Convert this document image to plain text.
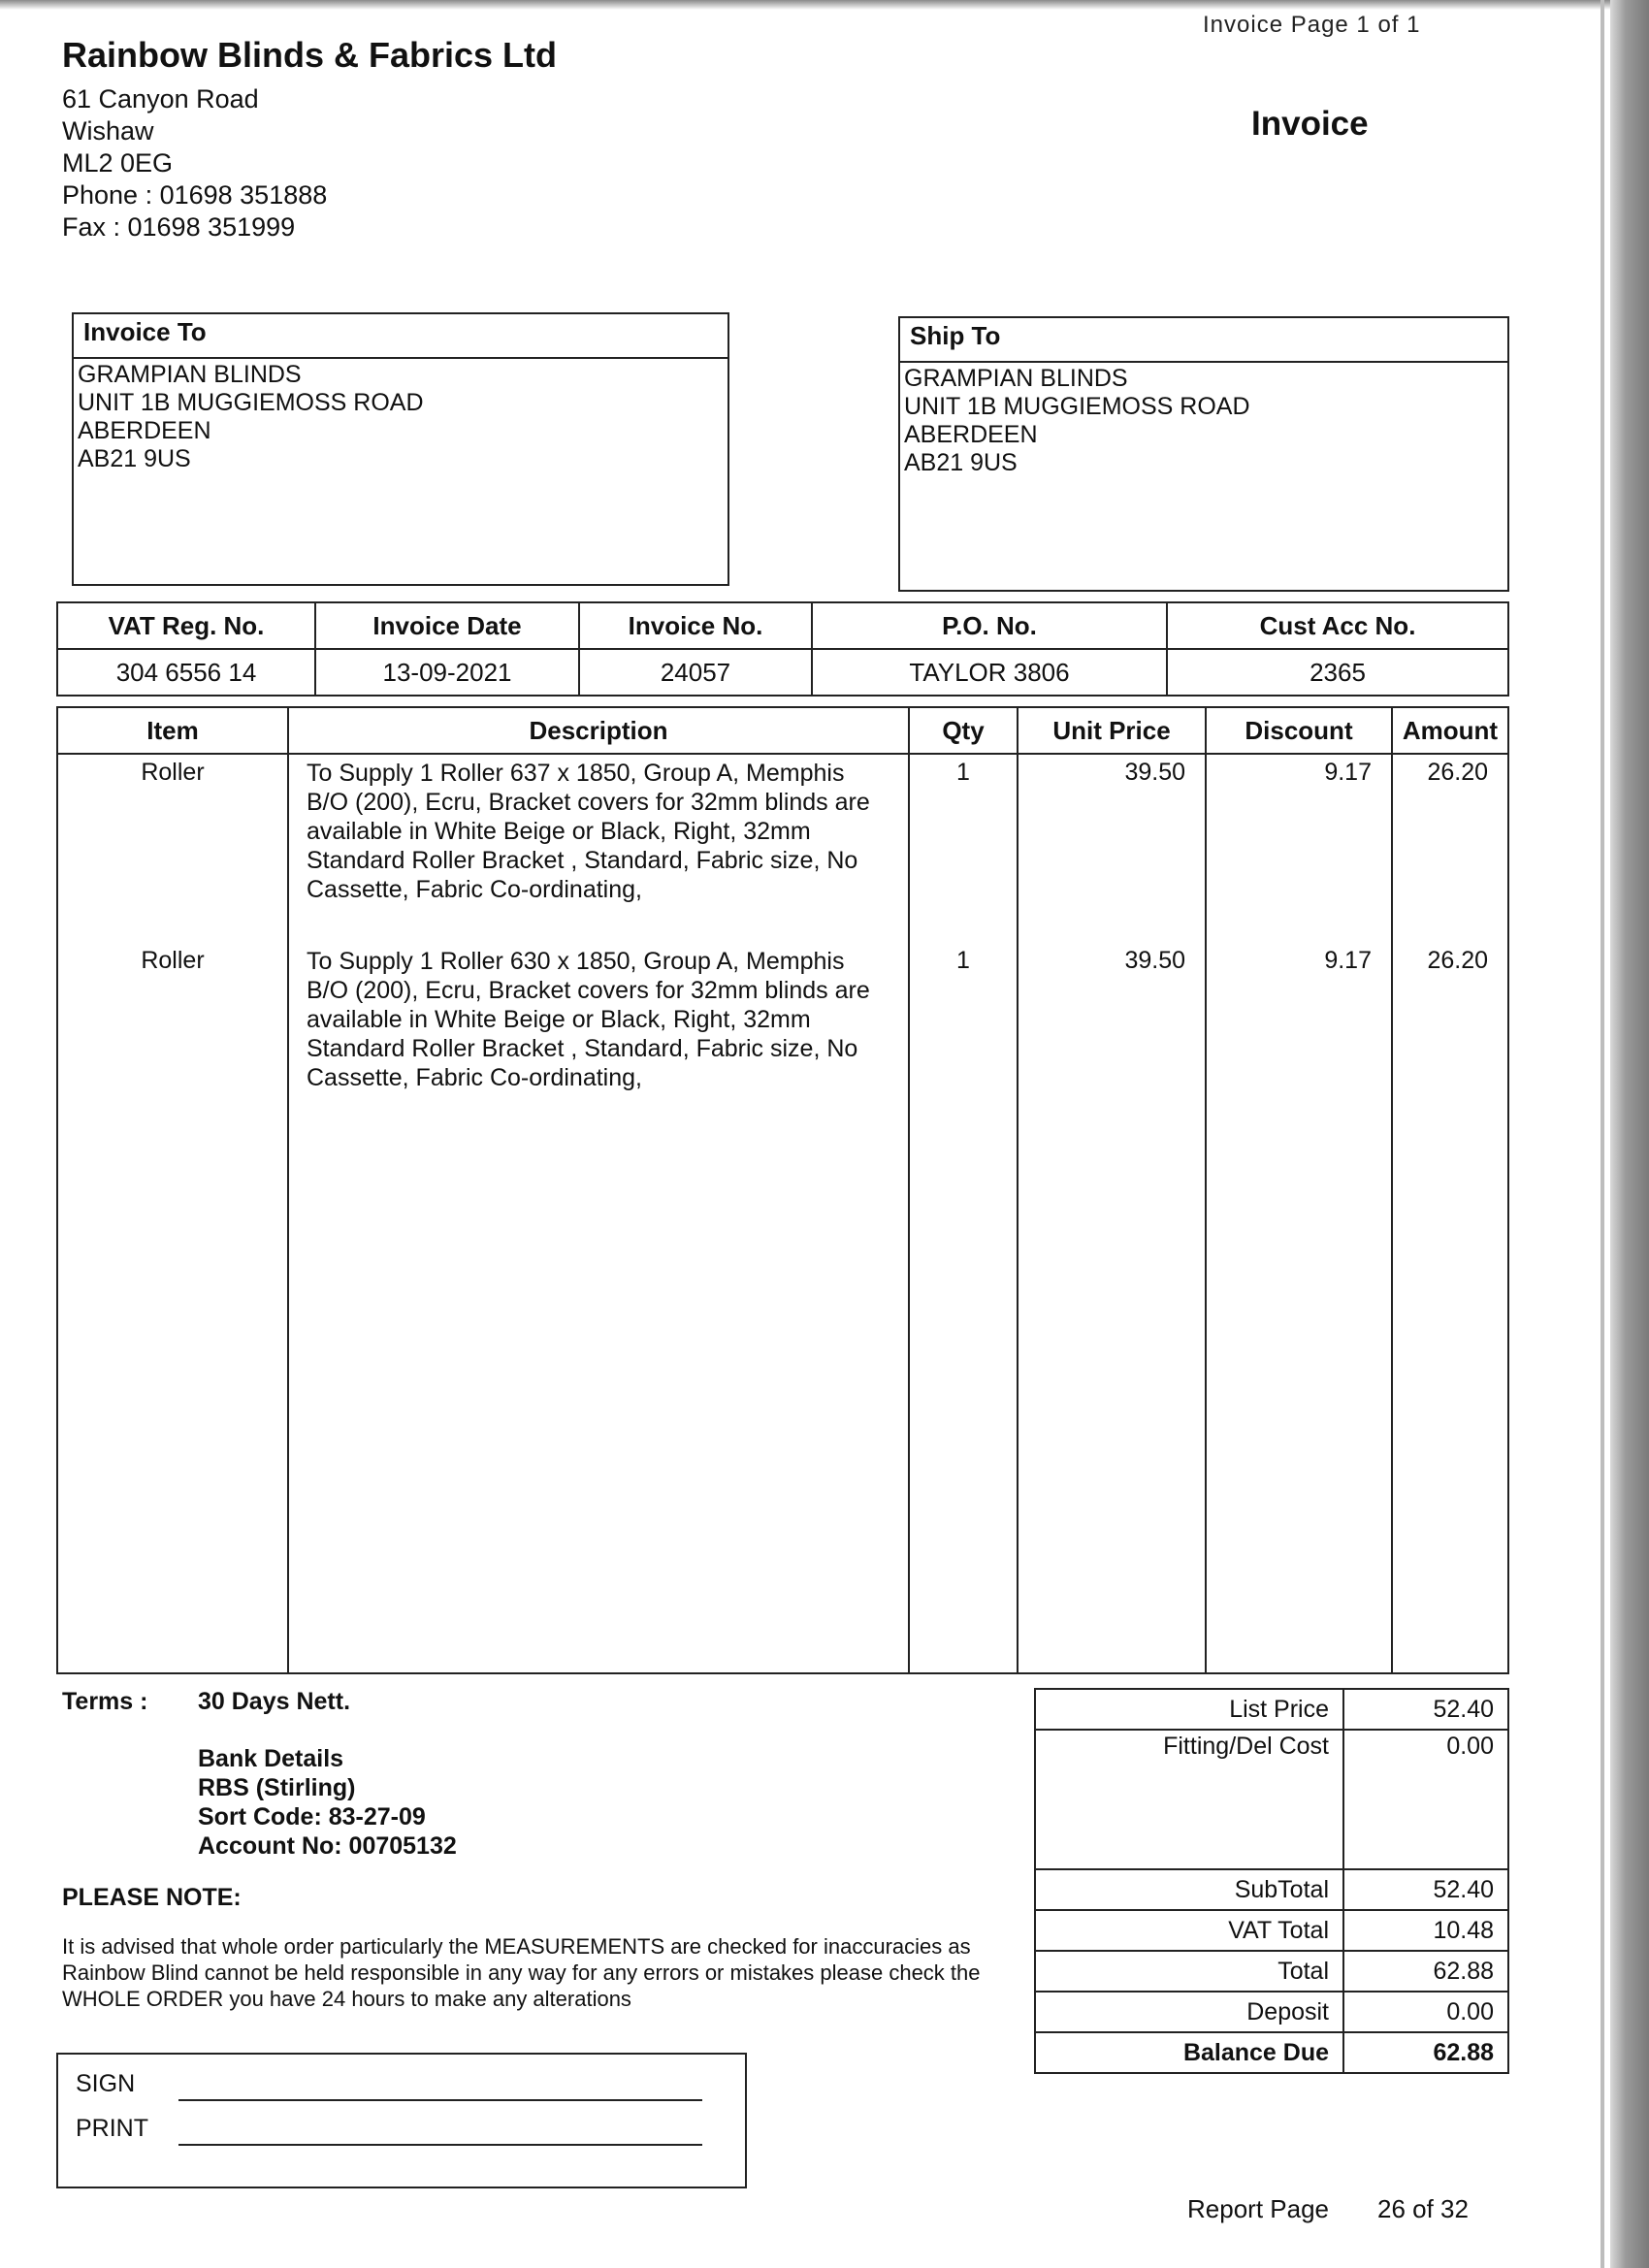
Rainbow Blinds & Fabrics Ltd
61 Canyon Road
Wishaw
ML2 0EG
Phone : 01698 351888
Fax : 01698 351999
Invoice Page 1 of 1
Invoice
Invoice To
GRAMPIAN BLINDS
UNIT 1B MUGGIEMOSS ROAD
ABERDEEN
AB21 9US
Ship To
GRAMPIAN BLINDS
UNIT 1B MUGGIEMOSS ROAD
ABERDEEN
AB21 9US
VAT Reg. No.	Invoice Date	Invoice No.	P.O. No.	Cust Acc No.
304 6556 14	13-09-2021	24057	TAYLOR 3806	2365
Item	Description	Qty	Unit Price	Discount	Amount
Roller	To Supply 1 Roller 637 x 1850, Group A, Memphis B/O (200), Ecru, Bracket covers for 32mm blinds are available in White Beige or Black, Right, 32mm Standard Roller Bracket , Standard, Fabric size, No Cassette, Fabric Co-ordinating,	1	39.50	9.17	26.20
Roller	To Supply 1 Roller 630 x 1850, Group A, Memphis B/O (200), Ecru, Bracket covers for 32mm blinds are available in White Beige or Black, Right, 32mm Standard Roller Bracket , Standard, Fabric size, No Cassette, Fabric Co-ordinating,	1	39.50	9.17	26.20

Terms : 30 Days Nett.
Bank Details
RBS (Stirling)
Sort Code: 83-27-09
Account No: 00705132
PLEASE NOTE:
It is advised that whole order particularly the MEASUREMENTS are checked for inaccuracies as Rainbow Blind cannot be held responsible in any way for any errors or mistakes please check the WHOLE ORDER you have 24 hours to make any alterations
List Price	52.40
Fitting/Del Cost	0.00
SubTotal	52.40
VAT Total	10.48
Total	62.88
Deposit	0.00
Balance Due	62.88
SIGN
PRINT
Report Page 26 of 32
